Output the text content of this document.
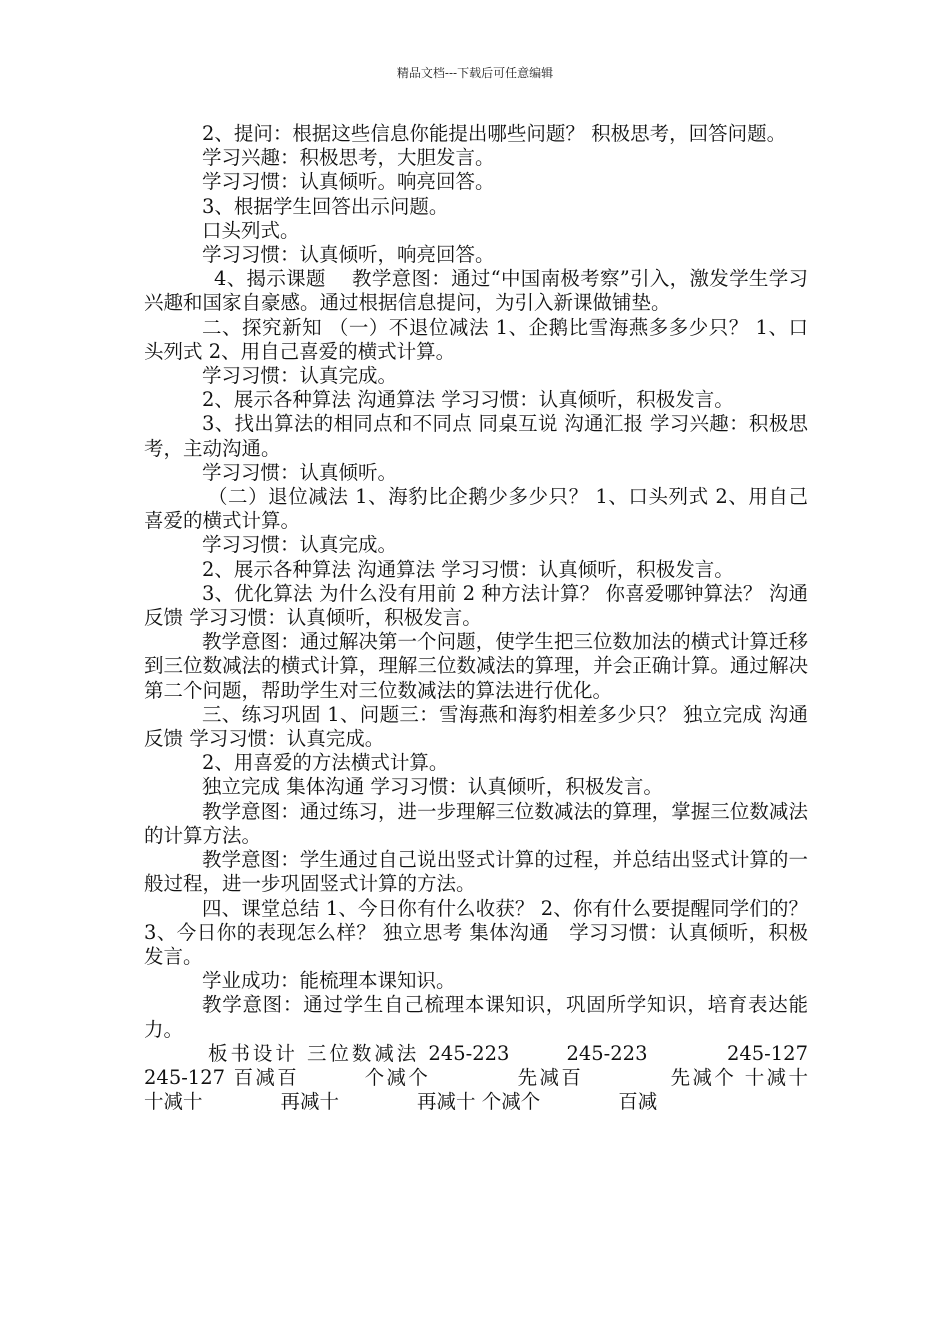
精品文档---下载后可任意编辑

2、提问：根据这些信息你能提出哪些问题？ 积极思考，回答问题。

学习兴趣：积极思考，大胆发言。

学习习惯：认真倾听。响亮回答。

3、根据学生回答出示问题。

口头列式。

学习习惯：认真倾听，响亮回答。

4、揭示课题　 教学意图：通过“中国南极考察”引入，激发学生学习兴趣和国家自豪感。通过根据信息提问，为引入新课做铺垫。

二、探究新知 （一）不退位减法 1、企鹅比雪海燕多多少只？ 1、口头列式 2、用自己喜爱的横式计算。

学习习惯：认真完成。

2、展示各种算法 沟通算法 学习习惯：认真倾听，积极发言。

3、找出算法的相同点和不同点 同桌互说 沟通汇报 学习兴趣：积极思考，主动沟通。

学习习惯：认真倾听。

（二）退位减法 1、海豹比企鹅少多少只？ 1、口头列式 2、用自己喜爱的横式计算。

学习习惯：认真完成。

2、展示各种算法 沟通算法 学习习惯：认真倾听，积极发言。

3、优化算法 为什么没有用前 2 种方法计算？ 你喜爱哪钟算法？ 沟通反馈 学习习惯：认真倾听，积极发言。

教学意图：通过解决第一个问题，使学生把三位数加法的横式计算迁移到三位数减法的横式计算，理解三位数减法的算理，并会正确计算。通过解决第二个问题，帮助学生对三位数减法的算法进行优化。

三、练习巩固 1、问题三：雪海燕和海豹相差多少只？ 独立完成 沟通反馈 学习习惯：认真完成。

2、用喜爱的方法横式计算。

独立完成 集体沟通 学习习惯：认真倾听，积极发言。

教学意图：通过练习，进一步理解三位数减法的算理，掌握三位数减法的计算方法。

教学意图：学生通过自己说出竖式计算的过程，并总结出竖式计算的一般过程，进一步巩固竖式计算的方法。

四、课堂总结 1、今日你有什么收获？ 2、你有什么要提醒同学们的？ 3、今日你的表现怎么样？ 独立思考 集体沟通　学习习惯：认真倾听，积极发言。

学业成功：能梳理本课知识。

教学意图：通过学生自己梳理本课知识，巩固所学知识，培育表达能力。

板书设计 三位数减法 245-223　　 245-223　　　 245-127　245-127 百减百　　　个减个　　　　先减百　　　　先减个 十减十　　　十减十　　　　再减十　　　　再减十 个减个　　　　百减
